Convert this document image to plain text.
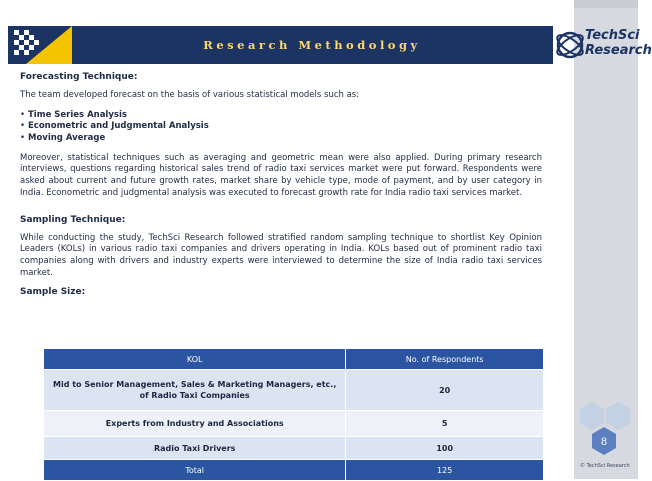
Research Methodology
TechSci
Research
Forecasting Technique:

The team developed forecast on the basis of various statistical models such as:

• Time Series Analysis
• Econometric and Judgmental Analysis
• Moving Average

Moreover, statistical techniques such as averaging and geometric mean were also applied. During primary research interviews, questions regarding historical sales trend of radio taxi services market were put forward. Respondents were asked about current and future growth rates, market share by vehicle type, mode of payment, and by user category in India. Econometric and judgmental analysis was executed to forecast growth rate for India radio taxi services market.

Sampling Technique:

While conducting the study, TechSci Research followed stratified random sampling technique to shortlist Key Opinion Leaders (KOLs) in various radio taxi companies and drivers operating in India. KOLs based out of prominent radio taxi companies along with drivers and industry experts were interviewed to determine the size of India radio taxi services market.

Sample Size:
KOL	No. of Respondents
Mid to Senior Management, Sales & Marketing Managers, etc., of Radio Taxi Companies	20
Experts from Industry and Associations	5
Radio Taxi Drivers	100
Total	125
8
© TechSci Research
